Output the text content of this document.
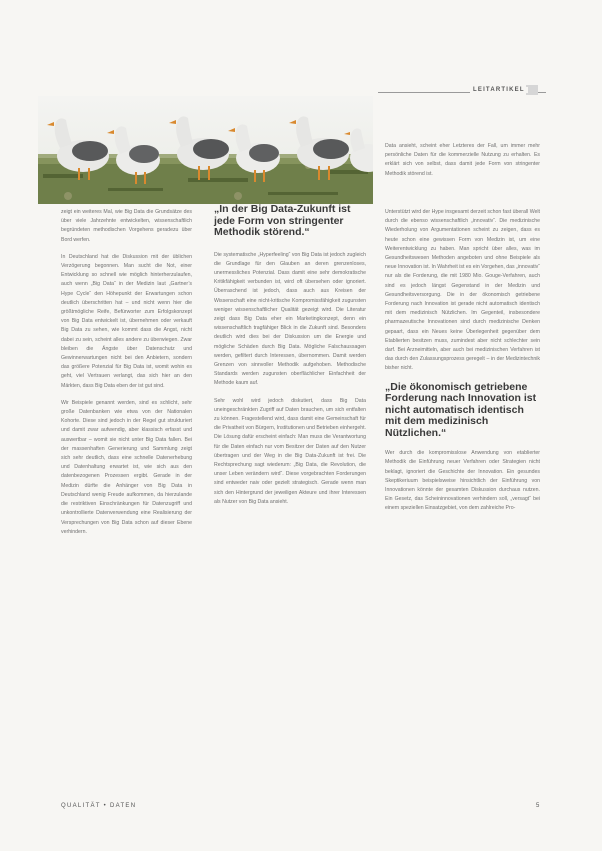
LEITARTIKEL
Data ansieht, scheint eher Letzteres der Fall, um immer mehr persönliche Daten für die kommerzielle Nutzung zu erhalten. Es erklärt sich von selbst, dass damit jede Form von stringenter Methodik störend ist.

zeigt ein weiteres Mal, wie Big Data die Grundsätze des über viele Jahrzehnte entwickelten, wissenschaftlich begründeten methodischen Vorgehens geradezu über Bord werfen.

In Deutschland hat die Diskussion mit der üblichen Verzögerung begonnen. Man sucht die Not, einer Entwicklung so schnell wie möglich hinterherzulaufen, auch wenn „Big Data“ in der Medizin laut „Gartner’s Hype Cycle“ den Höhepunkt der Erwartungen schon deutlich überschritten hat – und nicht wenn hier die größtmögliche Reife, Befürworter zum Erfolgskonzept von Big Data entwickelt ist, übernehmen oder verkauft Big Data zu sehen, wie kommt dass die Angst, nicht dabei zu sein, scheint alles andere zu überwiegen. Zwar bleiben die Ängste über Datenschutz und Gewinnerwartungen nicht bei den Anbietern, sondern das größere Potenzial für Big Data ist, womit wohin es geht, viel Vertrauen verlangt, das sich hier an den Märkten, dass Big Data eben der ist gut sind.

Wir Beispiele genannt werden, sind es schlicht, sehr große Datenbanken wie etwa von der Nationalen Kohorte. Diese sind jedoch in der Regel gut strukturiert und damit zwar aufwendig, aber klassisch erfasst und auswertbar – womit sie nicht unter Big Data fallen. Bei der massenhaften Generierung und Sammlung zeigt sich sehr deutlich, dass eine schnelle Datenerhebung und Datenhaltung erwartet ist, wie sich aus den datenbezogenen Prozessen ergibt. Gerade in der Medizin dürfte die Anhänger von Big Data in Deutschland wenig Freude aufkommen, da hierzulande die restriktiven Einschränkungen für Datenzugriff und unkontrollierte Datenverwendung eine Realisierung der Versprechungen von Big Data schon auf dieser Ebene verhindern.

„In der Big Data-Zukunft ist jede Form von stringenter Methodik störend.“

Die systematische „Hyperfeeling“ von Big Data ist jedoch zugleich die Grundlage für den Glauben an deren grenzenloses, unermessliches Potenzial. Dass damit eine sehr demokratische Kritikfähigkeit verbunden ist, wird oft übersehen oder ignoriert. Überraschend ist jedoch, dass auch aus Kreisen der Wissenschaft eine nicht-kritische Kompromissfähigkeit zugunsten weniger wissenschaftlicher Qualität gezeigt wird. Die Literatur zeigt dass Big Data eher ein Marketingkonzept, denn ein wissenschaftlich tragfähiger Blick in die Zukunft sind. Besonders deutlich wird dies bei der Diskussion um die Energie und mögliche Schäden durch Big Data. Mögliche Falschaussagen werden, gefiltert durch Interessen, übernommen. Damit werden Grenzen von sinnvoller Methodik aufgehoben. Methodische Standards werden zugunsten oberflächlicher Einfachheit der Methode kaum auf.

Sehr wohl wird jedoch diskutiert, dass Big Data uneingeschränkten Zugriff auf Daten brauchen, um sich entfalten zu können. Fragestellend wird, dass damit eine Gemeinschaft für die Privatheit von Bürgern, Institutionen und Betrieben einhergeht. Die Lösung dafür erscheint einfach: Man muss die Verantwortung für die Daten einfach nur vom Besitzer der Daten auf den Nutzer übertragen und der Weg in die Big Data-Zukunft ist frei. Die Rechtsprechung sagt wiederum: „Big Data, die Revolution, die unser Leben verändern wird“. Diese vorgebrachten Forderungen sind entweder naiv oder gezielt strategisch. Gerade wenn man sich den Hintergrund der jeweiligen Akteure und ihrer Interessen als Nutzer von Big Data ansieht.

Unterstützt wird der Hype insgesamt derzeit schon fast überall Welt durch die ebenso wissenschaftlich „innovativ“. Die medizinische Wiederholung von Argumentationen scheint zu zeigen, dass es heute schon eine gewissen Form von Medizin ist, um eine Weiterentwicklung zu haben. Man spricht über alles, was im Gesundheitswesen Methoden angeboten und ohne Beispiele als neue Innovation ist. In Wahrheit ist es ein Vorgehen, das „innovativ“ nur als die Forderung, die mit 1980 Mio. Gouge-Verfahren, auch sind es jedoch längst Gegenstand in der Medizin und Gesundheitsversorgung. Die in der ökonomisch getriebene Forderung nach Innovation ist gerade nicht automatisch identisch mit dem medizinisch Nützlichen. Im Gegenteil, insbesondere pharmazeutische Innovationen sind durch medizinische Denken gepaart, dass ein Neues keine Überlegenheit gegenüber dem Etablierten besitzen muss, zumindest aber nicht schlechter sein darf. Bei Arzneimitteln, aber auch bei medizinischen Verfahren ist das durch den Zulassungsprozess geregelt – in der Medizintechnik bisher nicht.

„Die ökonomisch getriebene Forderung nach Innovation ist nicht automatisch identisch mit dem medizinisch Nützlichen.“

Wer durch die kompromisslose Anwendung von etablierter Methodik die Einführung neuer Verfahren oder Strategien nicht beklagt, ignoriert die Geschichte der Innovation. Ein gesundes Skeptikeriuum beispielsweise hinsichtlich der Einführung von Innovationen könnte der gesamten Diskussion durchaus nutzen. Ein Gesetz, das Scheininnovationen verhindern soll, „versagt“ bei einem speziellen Einsatzgebiet, von dem zahlreiche Pro-

QUALITÄT • DATEN	5
